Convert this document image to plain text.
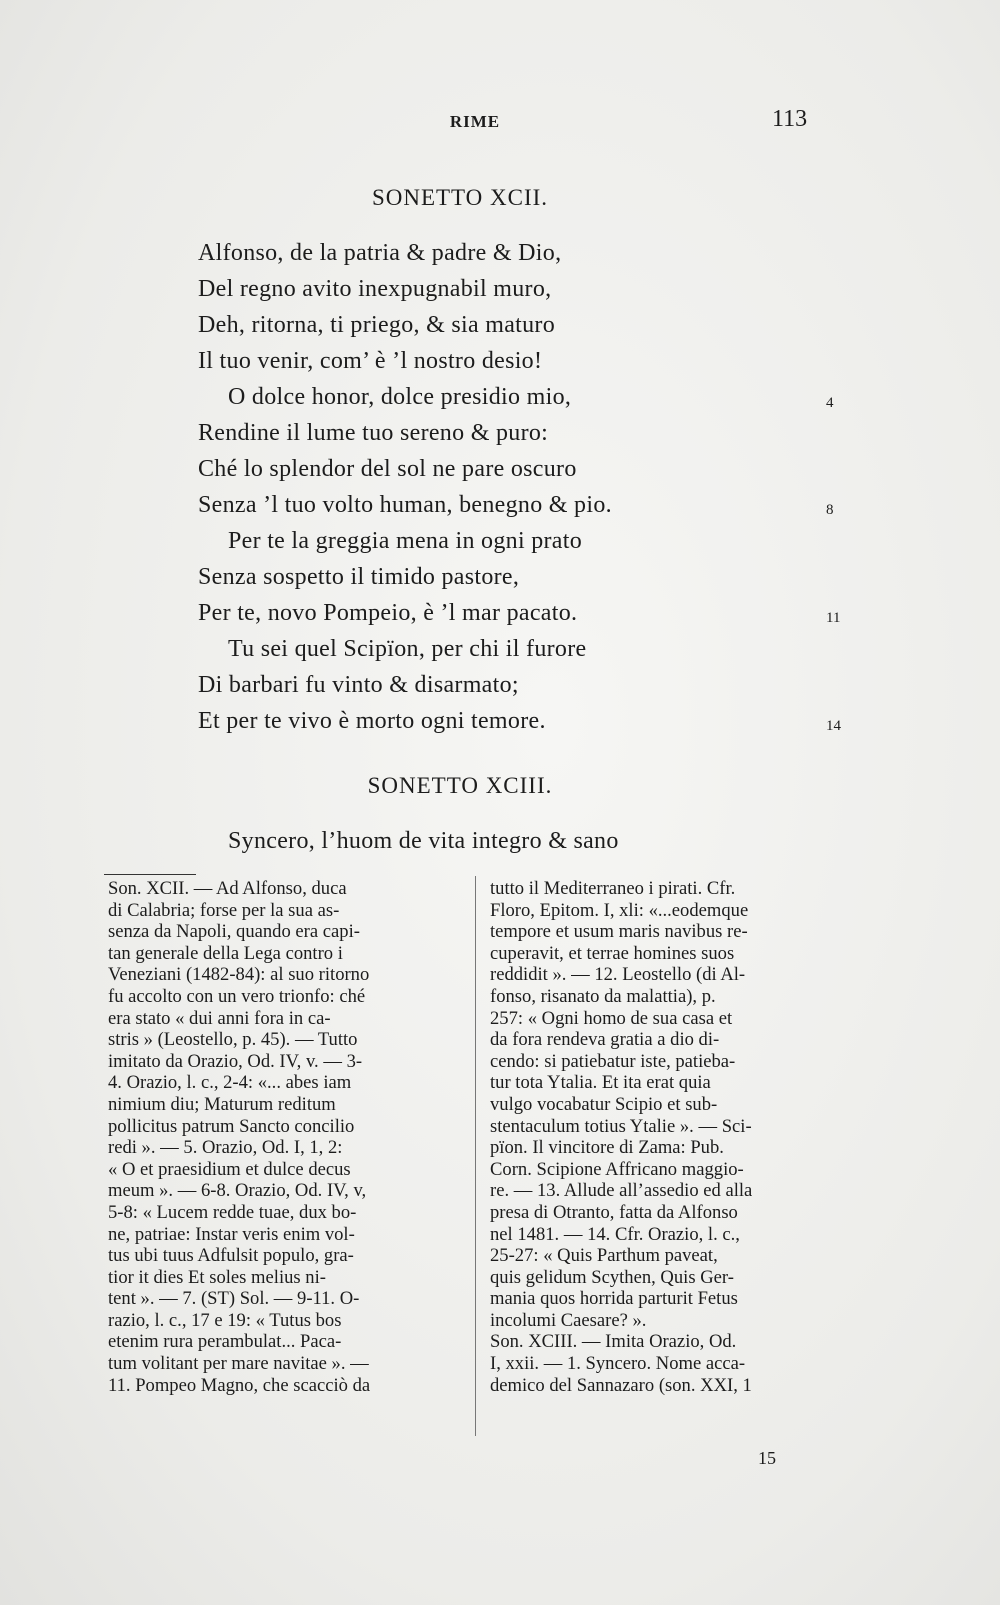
RIME	113
SONETTO XCII.
Alfonso, de la patria & padre & Dio,
Del regno avito inexpugnabil muro,
Deh, ritorna, ti priego, & sia maturo
Il tuo venir, com’ è ’l nostro desio!
O dolce honor, dolce presidio mio,
Rendine il lume tuo sereno & puro:
Ché lo splendor del sol ne pare oscuro
Senza ’l tuo volto human, benegno & pio.
Per te la greggia mena in ogni prato
Senza sospetto il timido pastore,
Per te, novo Pompeio, è ’l mar pacato.
Tu sei quel Scipïon, per chi il furore
Di barbari fu vinto & disarmato;
Et per te vivo è morto ogni temore.
4
8
11
14
SONETTO XCIII.
Syncero, l’huom de vita integro & sano
Son. XCII. — Ad Alfonso, duca
di Calabria; forse per la sua as-
senza da Napoli, quando era capi-
tan generale della Lega contro i
Veneziani (1482-84): al suo ritorno
fu accolto con un vero trionfo: ché
era stato « dui anni fora in ca-
stris » (Leostello, p. 45). — Tutto
imitato da Orazio, Od. IV, v. — 3-
4. Orazio, l. c., 2-4: «... abes iam
nimium diu; Maturum reditum
pollicitus patrum Sancto concilio
redi ». — 5. Orazio, Od. I, 1, 2:
« O et praesidium et dulce decus
meum ». — 6-8. Orazio, Od. IV, v,
5-8: « Lucem redde tuae, dux bo-
ne, patriae: Instar veris enim vol-
tus ubi tuus Adfulsit populo, gra-
tior it dies Et soles melius ni-
tent ». — 7. (ST) Sol. — 9-11. O-
razio, l. c., 17 e 19: « Tutus bos
etenim rura perambulat... Paca-
tum volitant per mare navitae ». —
11. Pompeo Magno, che scacciò da
tutto il Mediterraneo i pirati. Cfr.
Floro, Epitom. I, xli: «...eodemque
tempore et usum maris navibus re-
cuperavit, et terrae homines suos
reddidit ». — 12. Leostello (di Al-
fonso, risanato da malattia), p.
257: « Ogni homo de sua casa et
da fora rendeva gratia a dio di-
cendo: si patiebatur iste, patieba-
tur tota Ytalia. Et ita erat quia
vulgo vocabatur Scipio et sub-
stentaculum totius Ytalie ». — Sci-
pïon. Il vincitore di Zama: Pub.
Corn. Scipione Affricano maggio-
re. — 13. Allude all’assedio ed alla
presa di Otranto, fatta da Alfonso
nel 1481. — 14. Cfr. Orazio, l. c.,
25-27: « Quis Parthum paveat,
quis gelidum Scythen, Quis Ger-
mania quos horrida parturit Fetus
incolumi Caesare? ».
Son. XCIII. — Imita Orazio, Od.
I, xxii. — 1. Syncero. Nome acca-
demico del Sannazaro (son. XXI, 1
15
